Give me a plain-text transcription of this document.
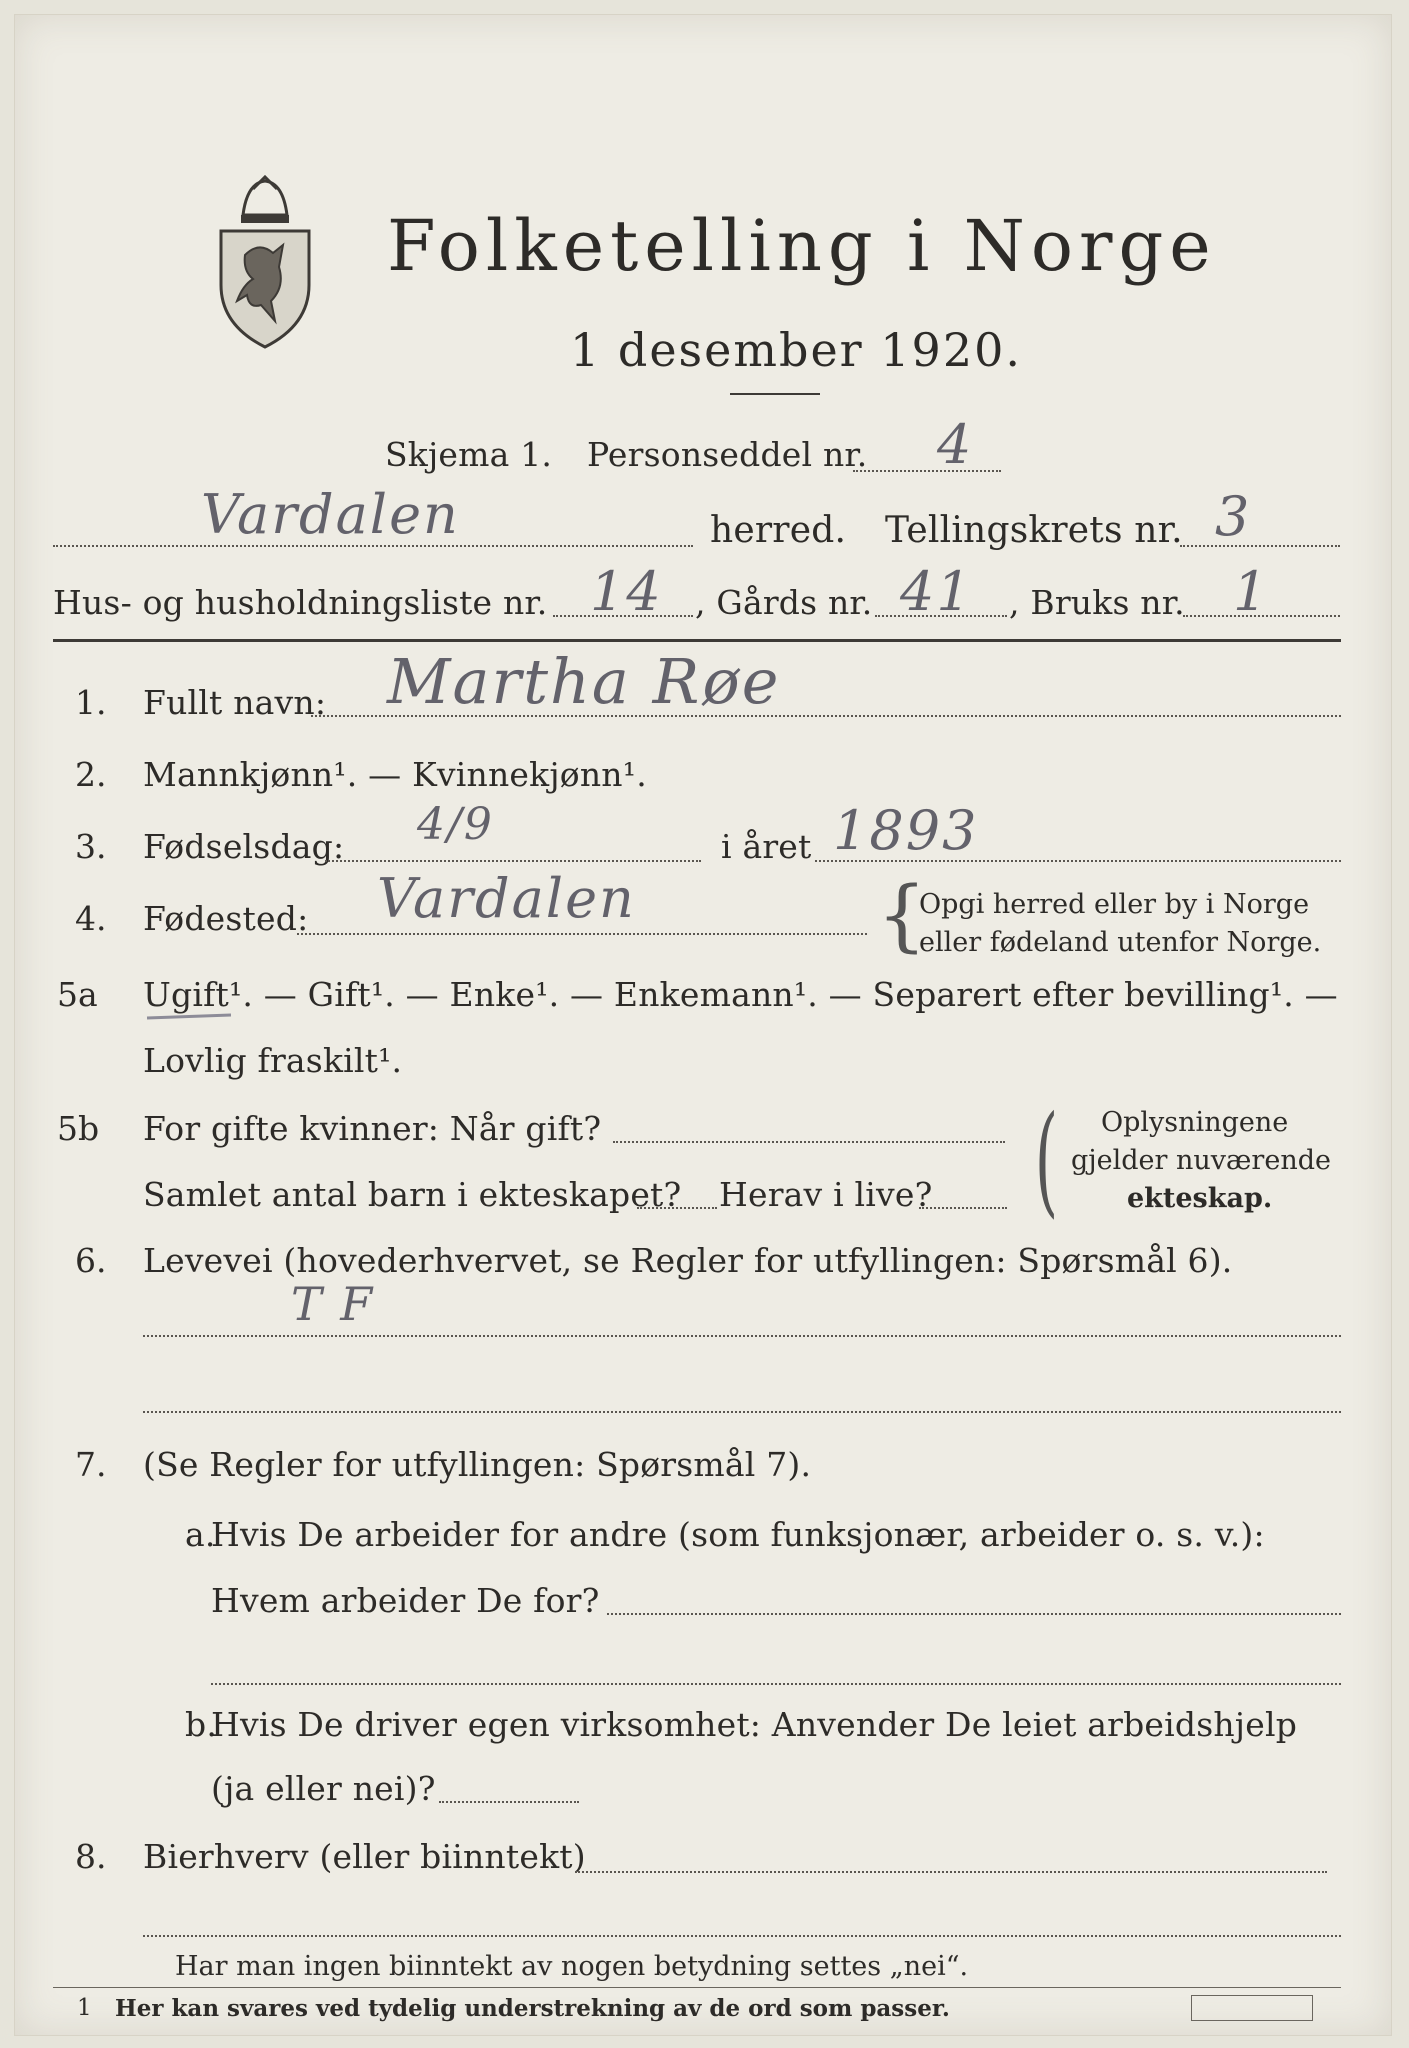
Folketelling i Norge
1 desember 1920.
Skjema 1. Personseddel nr. 4
Vardalen	herred. Tellingskrets nr. 3
Hus- og husholdningsliste nr. 14 , Gårds nr. 41 , Bruks nr. 1
1. Fullt navn: Martha Røe
2. Mannkjønn¹. — Kvinnekjønn¹.
3. Fødselsdag: 4/9	i året 1893
4. Fødested: Vardalen	{
Opgi herred eller by i Norge
eller fødeland utenfor Norge.
5a Ugift¹. — Gift¹. — Enke¹. — Enkemann¹. — Separert efter bevilling¹. —
Lovlig fraskilt¹.
5b For gifte kvinner: Når gift?
Samlet antal barn i ekteskapet? Herav i live? ( Oplysningene
gjelder nuværende
ekteskap.
6. Levevei (hovederhvervet, se Regler for utfyllingen: Spørsmål 6).
T F
7. (Se Regler for utfyllingen: Spørsmål 7).
a.
Hvis De arbeider for andre (som funksjonær, arbeider o. s. v.):
Hvem arbeider De for?
b.
Hvis De driver egen virksomhet: Anvender De leiet arbeidshjelp
(ja eller nei)?
8. Bierhverv (eller biinntekt)
Har man ingen biinntekt av nogen betydning settes „nei“.
1 Her kan svares ved tydelig understrekning av de ord som passer.
